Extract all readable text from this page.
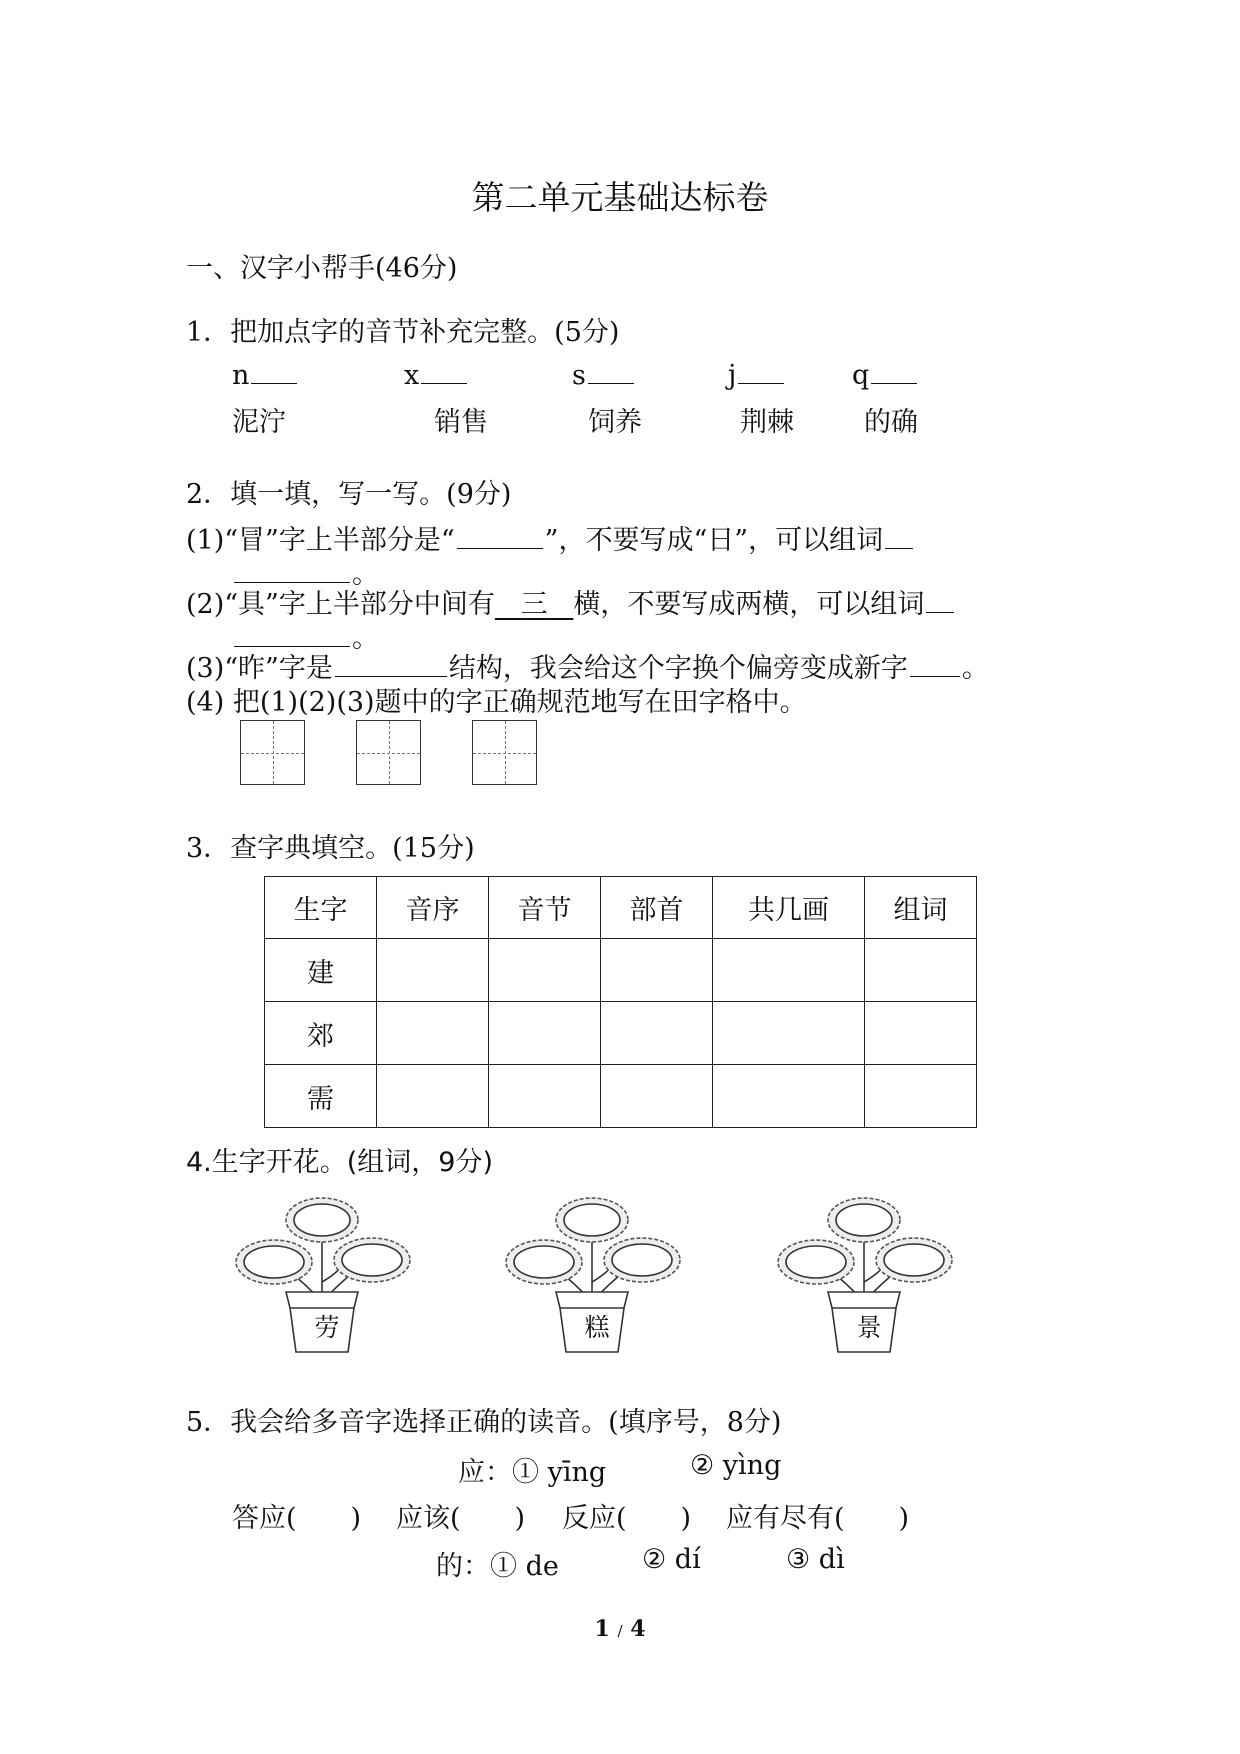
第二单元基础达标卷
一、汉字小帮手(46分)
1．把加点字的音节补充完整。(5分)
n	x	s	j	q
泥泞	销售	饲养	荆棘	的确
2．填一填，写一写。(9分)
(1)“冒”字上半部分是“	”，不要写成“日”，可以组词
。
(2)“具”字上半部分中间有 三 横，不要写成两横，可以组词
。
(3)“昨”字是	结构，我会给这个字换个偏旁变成新字 。
(4) 把(1)(2)(3)题中的字正确规范地写在田字格中。
3．查字典填空。(15分)
生字	音序	音节	部首	共几画	组词
建					
郊					
需					
4.生字开花。(组词，9分)
劳	糕	景
5．我会给多音字选择正确的读音。(填序号，8分)
应：① yīng	② yìng
答应(　　) 应该(　　) 反应(　　) 应有尽有(　　)
的：① de	② dí	③ dì
1 / 4
